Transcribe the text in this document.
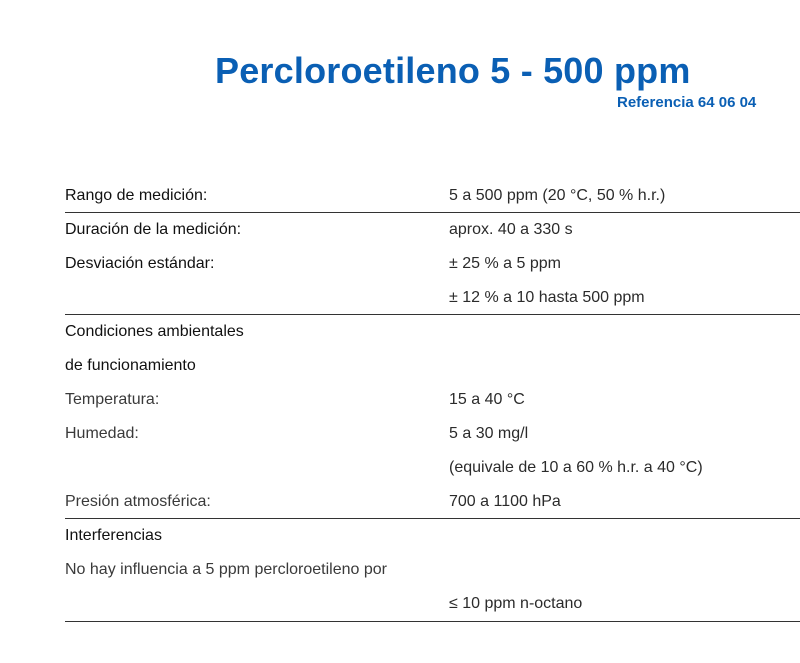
Percloroetileno 5 - 500 ppm
Referencia 64 06 04
Rango de medición:	5 a 500 ppm (20 °C, 50 % h.r.)
Duración de la medición:	aprox. 40 a 330 s
Desviación estándar:	± 25 % a 5 ppm
± 12 % a 10 hasta 500 ppm
Condiciones ambientales
de funcionamiento
Temperatura:	15 a 40 °C
Humedad:	5 a 30 mg/l
(equivale de 10 a 60 % h.r. a 40 °C)
Presión atmosférica:	700 a 1100 hPa
Interferencias
No hay influencia a 5 ppm percloroetileno por
≤ 10 ppm n-octano
